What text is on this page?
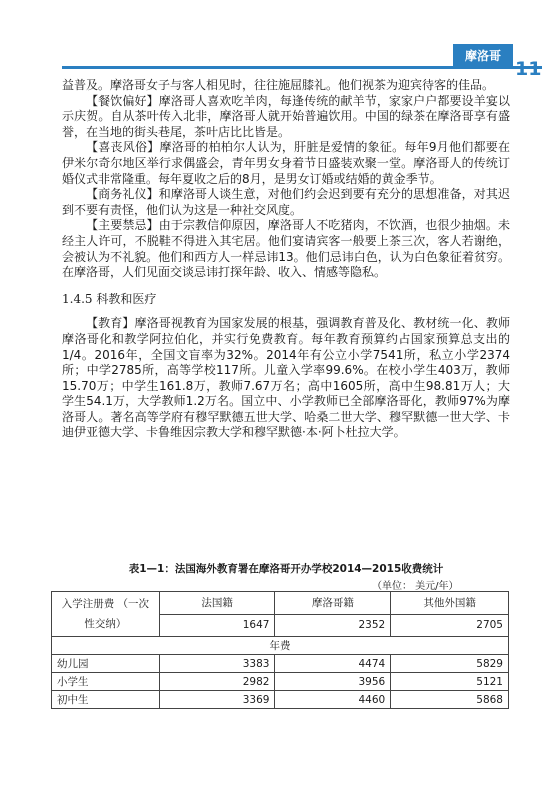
摩洛哥
11

益普及。摩洛哥女子与客人相见时，往往施屈膝礼。他们视茶为迎宾待客的佳品。

【餐饮偏好】摩洛哥人喜欢吃羊肉，每逢传统的献羊节，家家户户都要设羊宴以示庆贺。自从茶叶传入北非，摩洛哥人就开始普遍饮用。中国的绿茶在摩洛哥享有盛誉，在当地的街头巷尾，茶叶店比比皆是。

【喜丧风俗】摩洛哥的柏柏尔人认为，肝脏是爱情的象征。每年9月他们都要在伊米尔奇尔地区举行求偶盛会，青年男女身着节日盛装欢聚一堂。摩洛哥人的传统订婚仪式非常隆重。每年夏收之后的8月，是男女订婚或结婚的黄金季节。

【商务礼仪】和摩洛哥人谈生意，对他们约会迟到要有充分的思想准备，对其迟到不要有责怪，他们认为这是一种社交风度。

【主要禁忌】由于宗教信仰原因，摩洛哥人不吃猪肉，不饮酒，也很少抽烟。未经主人许可，不脱鞋不得进入其宅居。他们宴请宾客一般要上茶三次，客人若谢绝，会被认为不礼貌。他们和西方人一样忌讳13。他们忌讳白色，认为白色象征着贫穷。在摩洛哥，人们见面交谈忌讳打探年龄、收入、情感等隐私。

1.4.5 科教和医疗

【教育】摩洛哥视教育为国家发展的根基，强调教育普及化、教材统一化、教师摩洛哥化和教学阿拉伯化，并实行免费教育。每年教育预算约占国家预算总支出的1/4。2016年，全国文盲率为32%。2014年有公立小学7541所，私立小学2374所；中学2785所，高等学校117所。儿童入学率99.6%。在校小学生403万，教师15.70万；中学生161.8万，教师7.67万名；高中1605所，高中生98.81万人；大学生54.1万，大学教师1.2万名。国立中、小学教师已全部摩洛哥化，教师97%为摩洛哥人。著名高等学府有穆罕默德五世大学、哈桑二世大学、穆罕默德一世大学、卡迪伊亚德大学、卡鲁维因宗教大学和穆罕默德·本·阿卜杜拉大学。

表1—1：法国海外教育署在摩洛哥开办学校2014—2015收费统计
（单位： 美元/年）
入学注册费 （一次性交纳）	法国籍	摩洛哥籍	其他外国籍
	1647	2352	2705
年费			
幼儿园	3383	4474	5829
小学生	2982	3956	5121
初中生	3369	4460	5868
